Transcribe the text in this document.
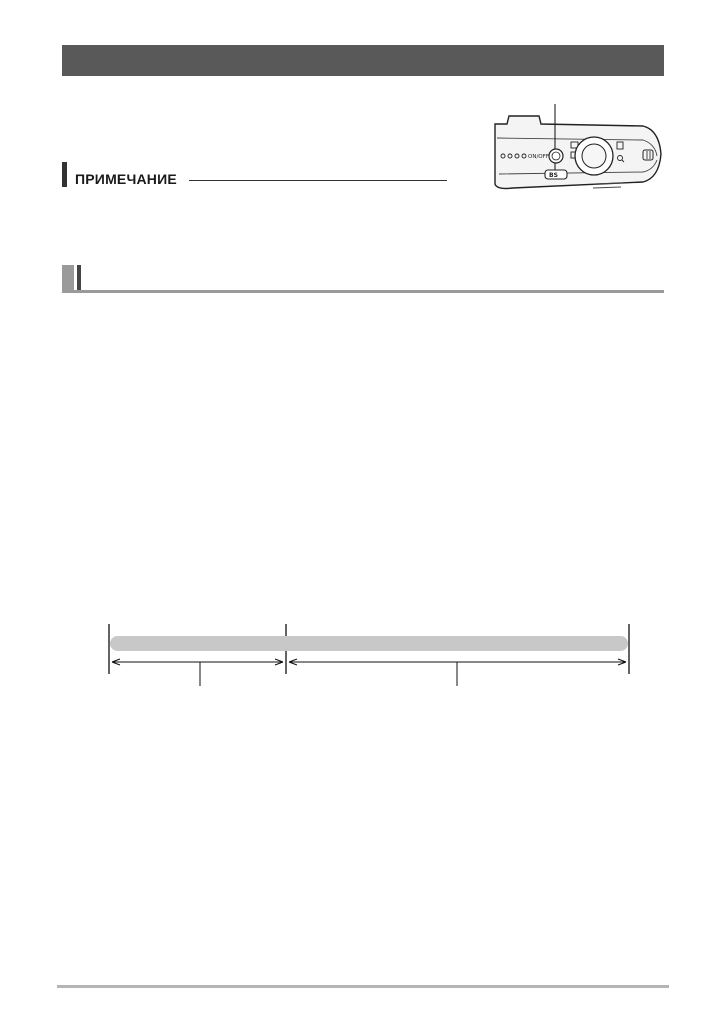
ПРИМЕЧАНИЕ
ON/OFF
BS
